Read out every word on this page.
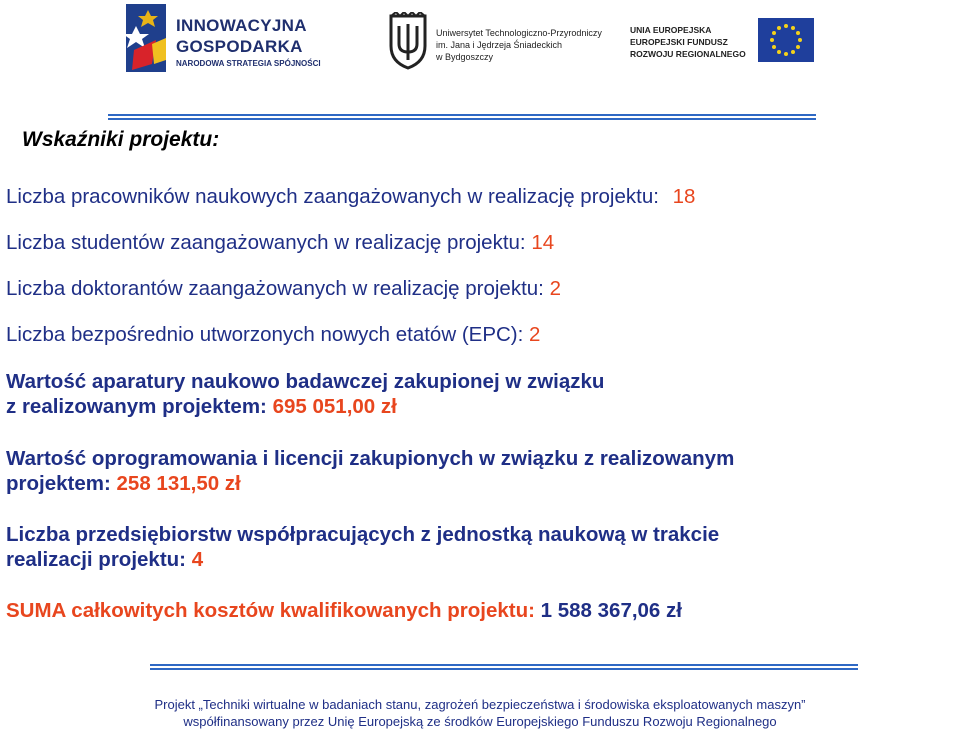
INNOWACYJNA
GOSPODARKA
NARODOWA STRATEGIA SPÓJNOŚCI
Uniwersytet Technologiczno-Przyrodniczy
im. Jana i Jędrzeja Śniadeckich
w Bydgoszczy
UNIA EUROPEJSKA
EUROPEJSKI FUNDUSZ
ROZWOJU REGIONALNEGO
Wskaźniki projektu:
Liczba pracowników naukowych zaangażowanych w realizację projektu: 18
Liczba studentów zaangażowanych w realizację projektu: 14
Liczba doktorantów zaangażowanych w realizację projektu: 2
Liczba bezpośrednio utworzonych nowych etatów (EPC): 2
Wartość aparatury naukowo badawczej zakupionej w związku
z realizowanym projektem: 695 051,00 zł
Wartość oprogramowania i licencji zakupionych w związku z realizowanym
projektem: 258 131,50 zł
Liczba przedsiębiorstw współpracujących z jednostką naukową w trakcie
realizacji projektu: 4
SUMA całkowitych kosztów kwalifikowanych projektu: 1 588 367,06 zł
Projekt „Techniki wirtualne w badaniach stanu, zagrożeń bezpieczeństwa i środowiska eksploatowanych maszyn”
współfinansowany przez Unię Europejską ze środków Europejskiego Funduszu Rozwoju Regionalnego
